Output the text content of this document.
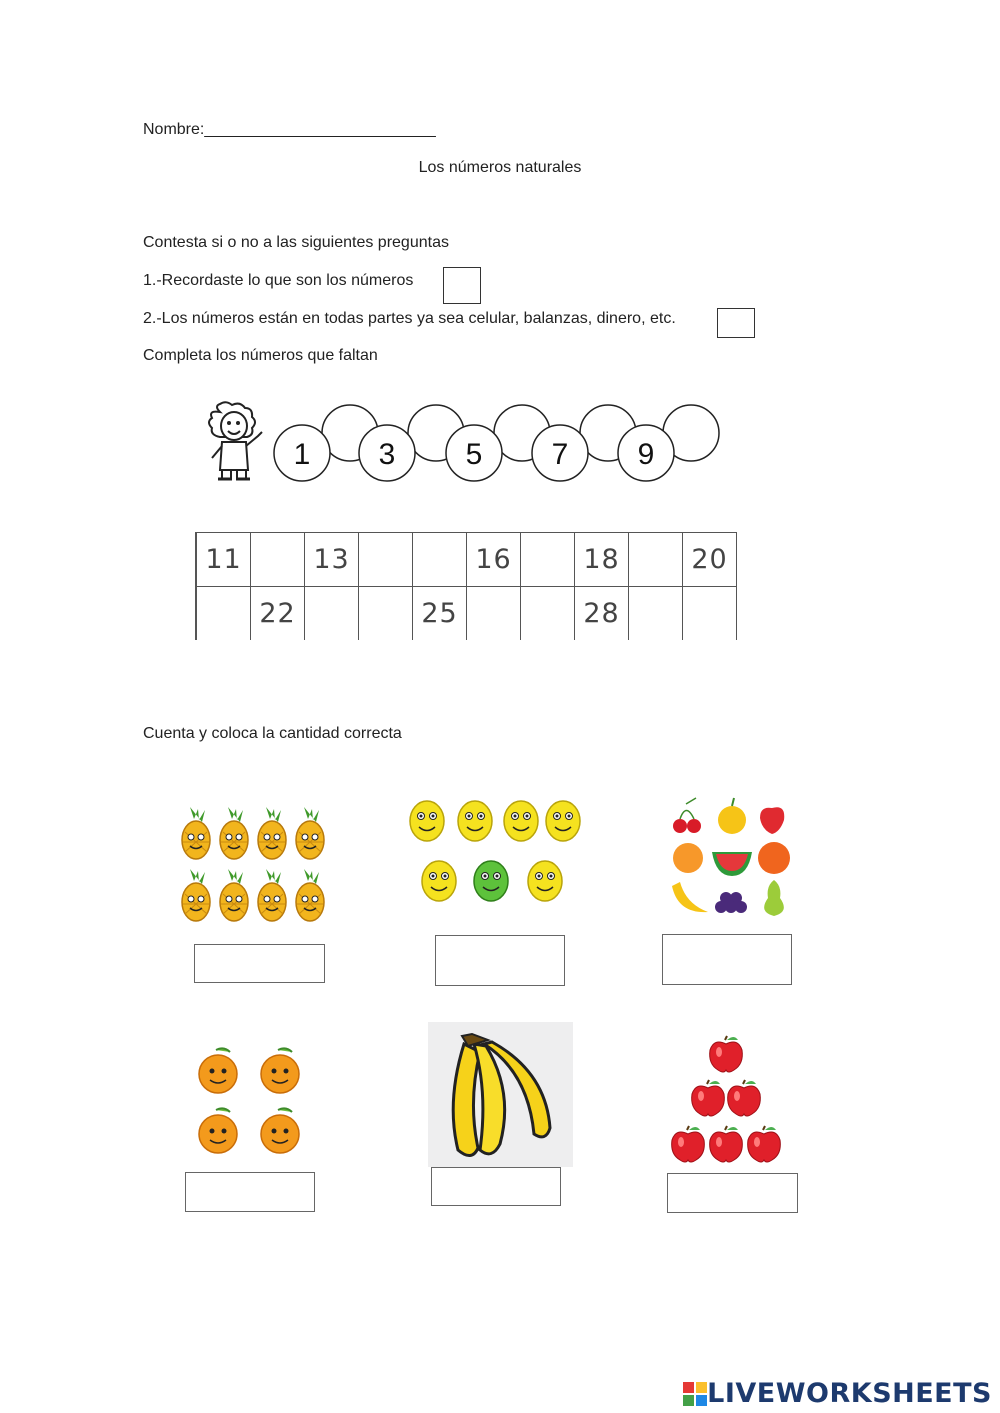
Nombre:__________________________
Los números naturales
Contesta si o no a las siguientes preguntas
1.-Recordaste lo que son los números
2.-Los números están en todas partes ya sea celular, balanzas, dinero, etc.
Completa los números que faltan
1 3 5 7 9
11		13			16		18		20
	22			25			28		
Cuenta y coloca la cantidad correcta
LIVEWORKSHEETS
